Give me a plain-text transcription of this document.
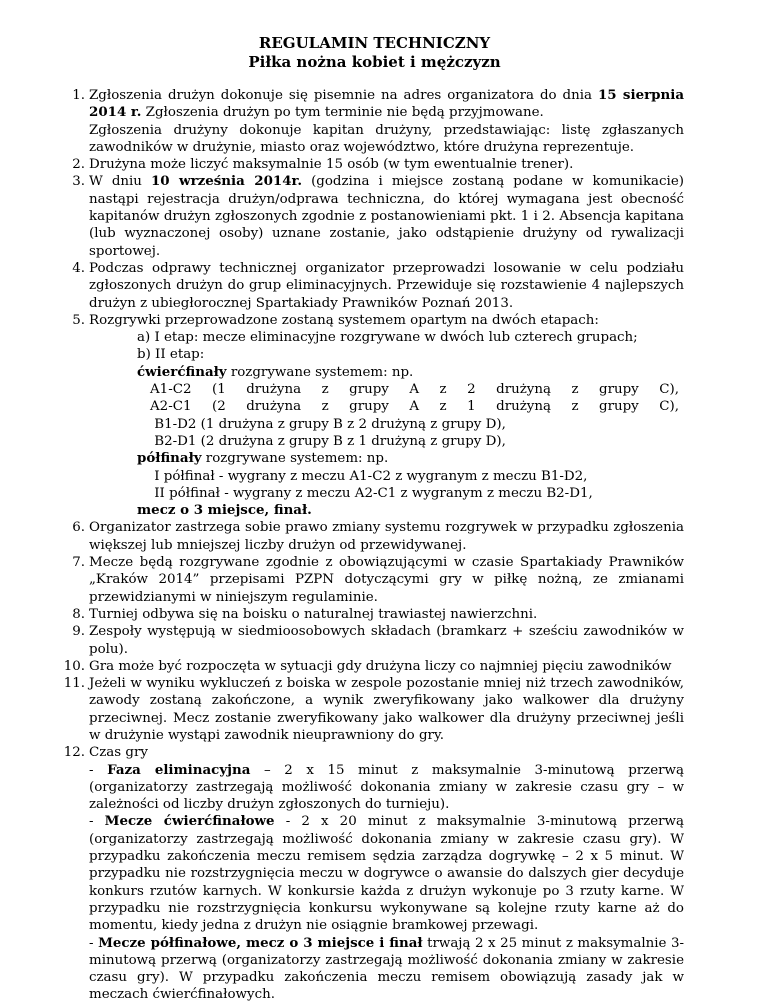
REGULAMIN TECHNICZNY
Piłka nożna kobiet i mężczyzn
1. Zgłoszenia drużyn dokonuje się pisemnie na adres organizatora do dnia 15 sierpnia 2014 r. Zgłoszenia drużyn po tym terminie nie będą przyjmowane.
Zgłoszenia drużyny dokonuje kapitan drużyny, przedstawiając: listę zgłaszanych zawodników w drużynie, miasto oraz województwo, które drużyna reprezentuje.
2. Drużyna może liczyć maksymalnie 15 osób (w tym ewentualnie trener).
3. W dniu 10 września 2014r. (godzina i miejsce zostaną podane w komunikacie) nastąpi rejestracja drużyn/odprawa techniczna, do której wymagana jest obecność kapitanów drużyn zgłoszonych zgodnie z postanowieniami pkt. 1 i 2. Absencja kapitana (lub wyznaczonej osoby) uznane zostanie, jako odstąpienie drużyny od rywalizacji sportowej.
4. Podczas odprawy technicznej organizator przeprowadzi losowanie w celu podziału zgłoszonych drużyn do grup eliminacyjnych. Przewiduje się rozstawienie 4 najlepszych drużyn z ubiegłorocznej Spartakiady Prawników Poznań 2013.
5. Rozgrywki przeprowadzone zostaną systemem opartym na dwóch etapach:
a) I etap: mecze eliminacyjne rozgrywane w dwóch lub czterech grupach;
b) II etap:
ćwierćfinały rozgrywane systemem: np.
A1-C2 (1 drużyna z grupy A z 2 drużyną z grupy C),
A2-C1 (2 drużyna z grupy A z 1 drużyną z grupy C),
B1-D2 (1 drużyna z grupy B z 2 drużyną z grupy D),
B2-D1 (2 drużyna z grupy B z 1 drużyną z grupy D),
półfinały rozgrywane systemem: np.
I półfinał - wygrany z meczu A1-C2 z wygranym z meczu B1-D2,
II półfinał - wygrany z meczu A2-C1 z wygranym z meczu B2-D1,
mecz o 3 miejsce, finał.
6. Organizator zastrzega sobie prawo zmiany systemu rozgrywek w przypadku zgłoszenia większej lub mniejszej liczby drużyn od przewidywanej.
7. Mecze będą rozgrywane zgodnie z obowiązującymi w czasie Spartakiady Prawników „Kraków 2014” przepisami PZPN dotyczącymi gry w piłkę nożną, ze zmianami przewidzianymi w niniejszym regulaminie.
8. Turniej odbywa się na boisku o naturalnej trawiastej nawierzchni.
9. Zespoły występują w siedmioosobowych składach (bramkarz + sześciu zawodników w polu).
10. Gra może być rozpoczęta w sytuacji gdy drużyna liczy co najmniej pięciu zawodników
11. Jeżeli w wyniku wykluczeń z boiska w zespole pozostanie mniej niż trzech zawodników, zawody zostaną zakończone, a wynik zweryfikowany jako walkower dla drużyny przeciwnej. Mecz zostanie zweryfikowany jako walkower dla drużyny przeciwnej jeśli w drużynie wystąpi zawodnik nieuprawniony do gry.
12. Czas gry

- Faza eliminacyjna – 2 x 15 minut z maksymalnie 3-minutową przerwą (organizatorzy zastrzegają możliwość dokonania zmiany w zakresie czasu gry – w zależności od liczby drużyn zgłoszonych do turnieju).

- Mecze ćwierćfinałowe - 2 x 20 minut z maksymalnie 3-minutową przerwą (organizatorzy zastrzegają możliwość dokonania zmiany w zakresie czasu gry). W przypadku zakończenia meczu remisem sędzia zarządza dogrywkę – 2 x 5 minut. W przypadku nie rozstrzygnięcia meczu w dogrywce o awansie do dalszych gier decyduje konkurs rzutów karnych. W konkursie każda z drużyn wykonuje po 3 rzuty karne. W przypadku nie rozstrzygnięcia konkursu wykonywane są kolejne rzuty karne aż do momentu, kiedy jedna z drużyn nie osiągnie bramkowej przewagi.

- Mecze półfinałowe, mecz o 3 miejsce i finał trwają 2 x 25 minut z maksymalnie 3-minutową przerwą (organizatorzy zastrzegają możliwość dokonania zmiany w zakresie czasu gry). W przypadku zakończenia meczu remisem obowiązują zasady jak w meczach ćwierćfinałowych.
